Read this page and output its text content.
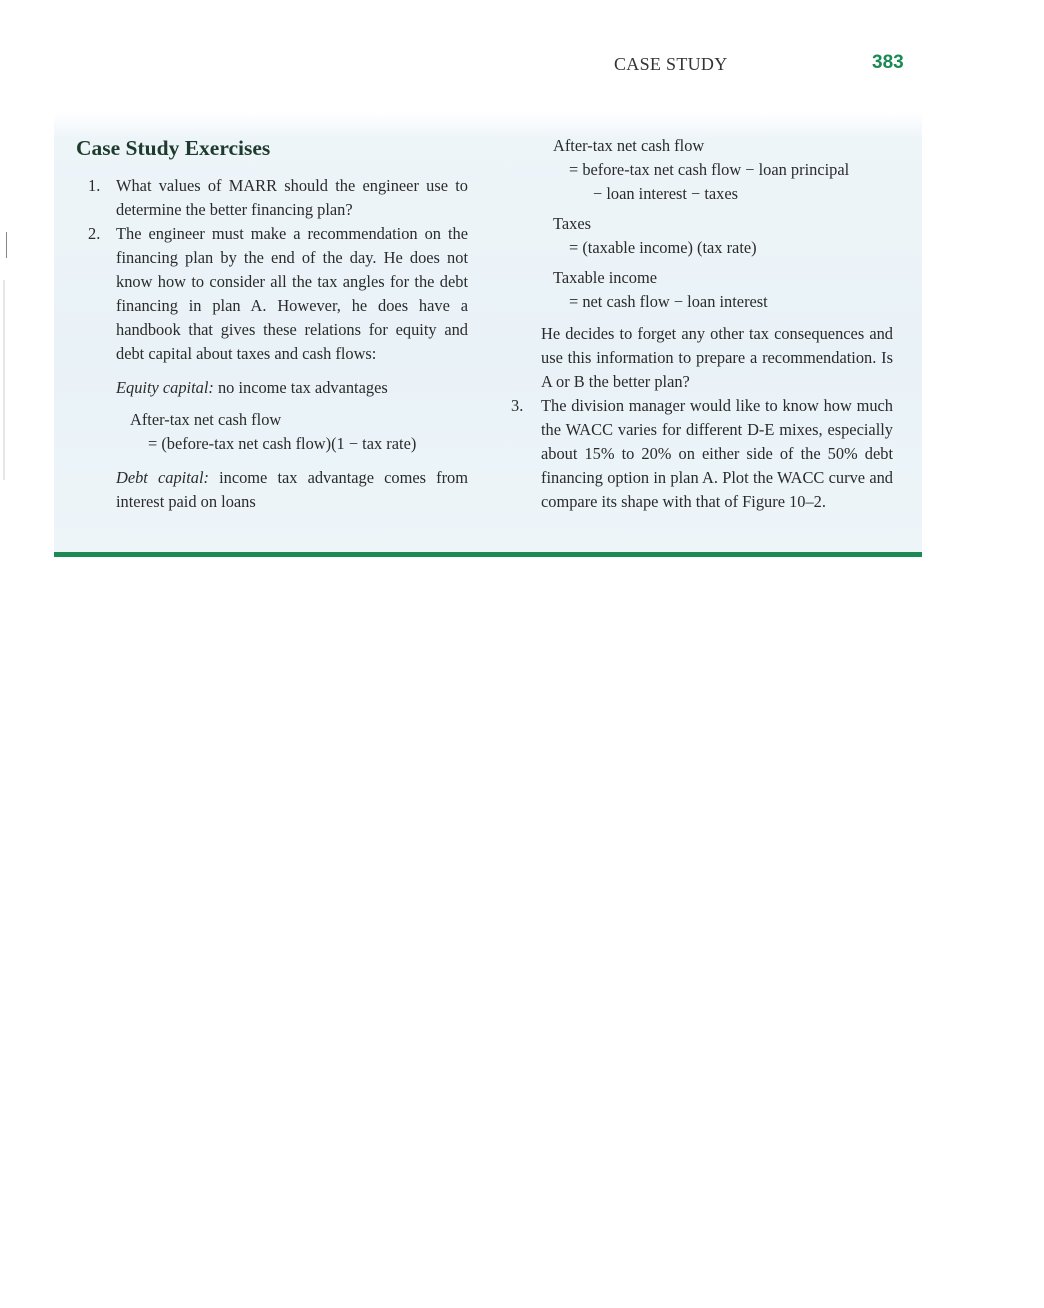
CASE STUDY	383
Case Study Exercises
1. What values of MARR should the engineer use to determine the better financing plan?
2. The engineer must make a recommendation on the financing plan by the end of the day. He does not know how to consider all the tax angles for the debt financing in plan A. However, he does have a handbook that gives these relations for equity and debt capital about taxes and cash flows:

Equity capital: no income tax advantages

After-tax net cash flow
= (before-tax net cash flow)(1 − tax rate)

Debt capital: income tax advantage comes from interest paid on loans

After-tax net cash flow
= before-tax net cash flow − loan principal
− loan interest − taxes
Taxes
= (taxable income) (tax rate)
Taxable income
= net cash flow − loan interest

He decides to forget any other tax consequences and use this information to prepare a recommendation. Is A or B the better plan?

3. The division manager would like to know how much the WACC varies for different D-E mixes, especially about 15% to 20% on either side of the 50% debt financing option in plan A. Plot the WACC curve and compare its shape with that of Figure 10–2.
